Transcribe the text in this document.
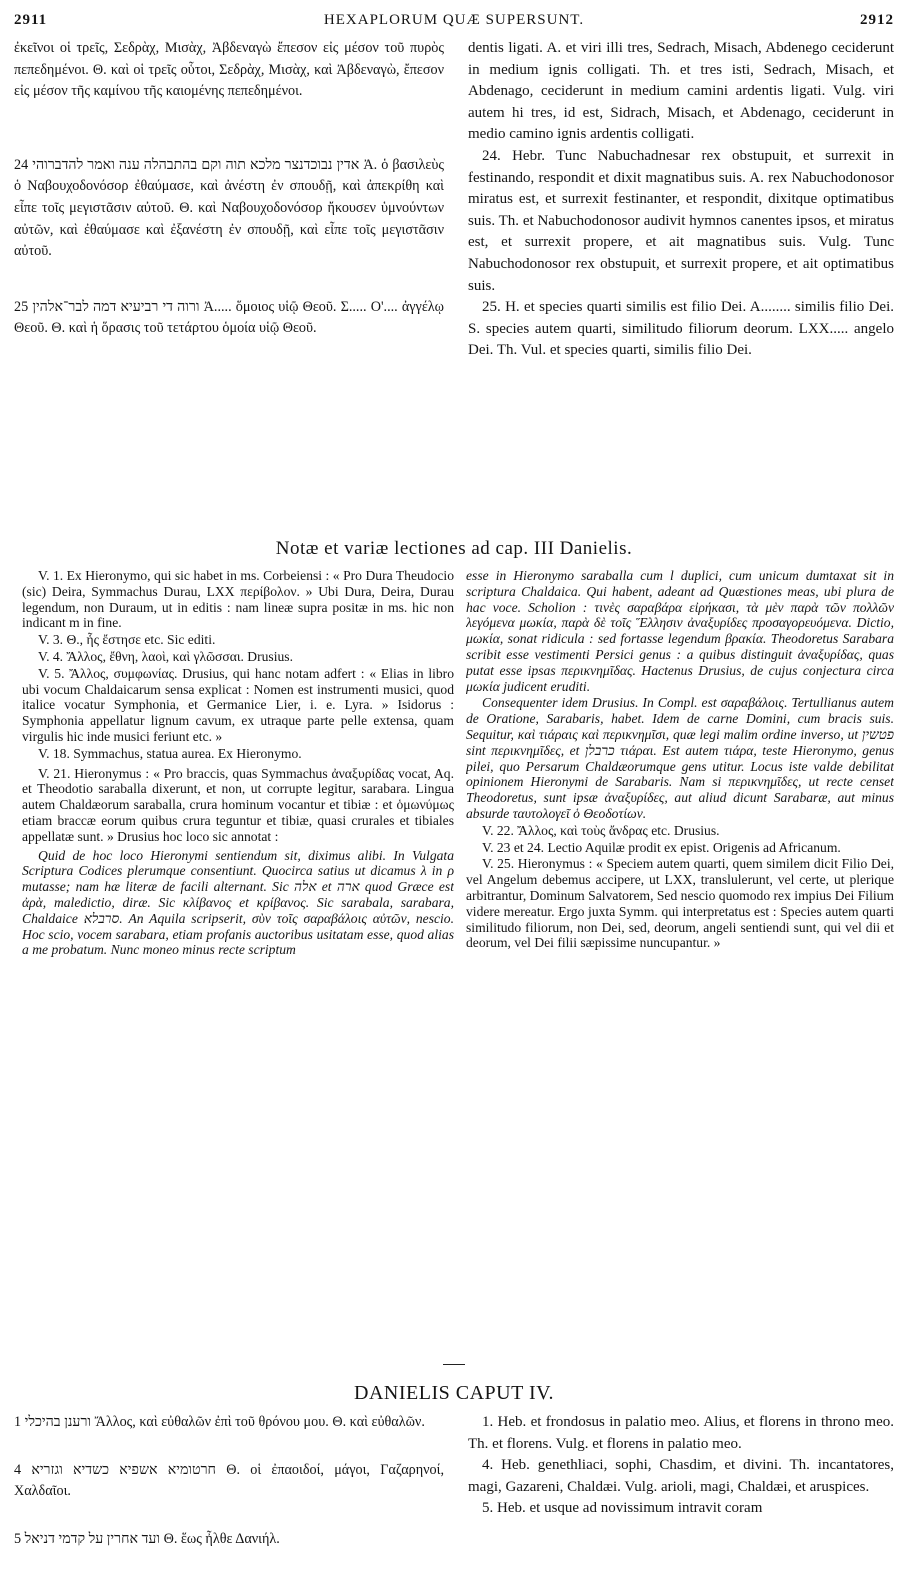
2911	HEXAPLORUM QUÆ SUPERSUNT.	2912

ἐκεῖνοι οἱ τρεῖς, Σεδρὰχ, Μισὰχ, Ἀβδεναγὼ ἔπεσον εἰς μέσον τοῦ πυρὸς πεπεδημένοι. Θ. καὶ οἱ τρεῖς οὗτοι, Σεδρὰχ, Μισὰχ, καὶ Ἀβδεναγὼ, ἔπεσον εἰς μέσον τῆς καμίνου τῆς καιομένης πεπεδημένοι.

24 אדין נבוכדנצר מלכא תוה וקם בהתבהלה ענה ואמר להדברוהי Ἀ. ὁ βασιλεὺς ὁ Ναβουχοδονόσορ ἐθαύμασε, καὶ ἀνέστη ἐν σπουδῇ, καὶ ἀπεκρίθη καὶ εἶπε τοῖς μεγιστᾶσιν αὐτοῦ. Θ. καὶ Ναβουχοδονόσορ ἤκουσεν ὑμνούντων αὐτῶν, καὶ ἐθαύμασε καὶ ἐξανέστη ἐν σπουδῇ, καὶ εἶπε τοῖς μεγιστᾶσιν αὐτοῦ.

25 ורוה די רביעיא דמה לבר־אלהין Ἀ..... ὅμοιος υἱῷ Θεοῦ. Σ..... Ο'.... ἀγγέλῳ Θεοῦ. Θ. καὶ ἡ ὅρασις τοῦ τετάρτου ὁμοία υἱῷ Θεοῦ.

dentis ligati. A. et viri illi tres, Sedrach, Misach, Abdenego ceciderunt in medium ignis colligati. Th. et tres isti, Sedrach, Misach, et Abdenago, ceciderunt in medium camini ardentis ligati. Vulg. viri autem hi tres, id est, Sidrach, Misach, et Abdenago, ceciderunt in medio camino ignis ardentis colligati.

24. Hebr. Tunc Nabuchadnesar rex obstupuit, et surrexit in festinando, respondit et dixit magnatibus suis. A. rex Nabuchodonosor miratus est, et surrexit festinanter, et respondit, dixitque optimatibus suis. Th. et Nabuchodonosor audivit hymnos canentes ipsos, et miratus est, et surrexit propere, et ait magnatibus suis. Vulg. Tunc Nabuchodonosor rex obstupuit, et surrexit propere, et ait optimatibus suis.

25. H. et species quarti similis est filio Dei. A........ similis filio Dei. S. species autem quarti, similitudo filiorum deorum. LXX..... angelo Dei. Th. Vul. et species quarti, similis filio Dei.

Notæ et variæ lectiones ad cap. III Danielis.

V. 1. Ex Hieronymo, qui sic habet in ms. Corbeiensi : « Pro Dura Theudocio (sic) Deira, Symmachus Durau, LXX περίβολον. » Ubi Dura, Deira, Durau legendum, non Duraum, ut in editis : nam lineæ supra positæ in ms. hic non indicant m in fine.

V. 3. Θ., ἧς ἔστησε etc. Sic editi.

V. 4. Ἄλλος, ἔθνη, λαοὶ, καὶ γλῶσσαι. Drusius.

V. 5. Ἄλλος, συμφωνίας. Drusius, qui hanc notam adfert : « Elias in libro ubi vocum Chaldaicarum sensa explicat : Nomen est instrumenti musici, quod italice vocatur Symphonia, et Germanice Lier, i. e. Lyra. » Isidorus : Symphonia appellatur lignum cavum, ex utraque parte pelle extensa, quam virgulis hic inde musici feriunt etc. »

V. 18. Symmachus, statua aurea. Ex Hieronymo.

V. 21. Hieronymus : « Pro braccis, quas Symmachus ἀναξυρίδας vocat, Aq. et Theodotio saraballa dixerunt, et non, ut corrupte legitur, sarabara. Lingua autem Chaldæorum saraballa, crura hominum vocantur et tibiæ : et ὁμωνύμως etiam braccæ eorum quibus crura teguntur et tibiæ, quasi crurales et tibiales appellatæ sunt. » Drusius hoc loco sic annotat :

Quid de hoc loco Hieronymi sentiendum sit, diximus alibi. In Vulgata Scriptura Codices plerumque consentiunt. Quocirca satius ut dicamus λ in ρ mutasse; nam hæ literæ de facili alternant. Sic אלה et ארה quod Græce est ἀρὰ, maledictio, diræ. Sic κλίβανος et κρίβανος. Sic sarabala, sarabara, Chaldaice סרבלא. An Aquila scripserit, σὺν τοῖς σαραβάλοις αὐτῶν, nescio. Hoc scio, vocem sarabara, etiam profanis auctoribus usitatam esse, quod alias a me probatum. Nunc moneo minus recte scriptum

esse in Hieronymo saraballa cum l duplici, cum unicum dumtaxat sit in scriptura Chaldaica. Qui habent, adeant ad Quæstiones meas, ubi plura de hac voce. Scholion : τινὲς σαραβάρα εἰρήκασι, τὰ μὲν παρὰ τῶν πολλῶν λεγόμενα μωκία, παρὰ δὲ τοῖς Ἕλλησιν ἀναξυρίδες προσαγορευόμενα. Dictio, μωκία, sonat ridicula : sed fortasse legendum βρακία. Theodoretus Sarabara scribit esse vestimenti Persici genus : a quibus distinguit ἀναξυρίδας, quas putat esse ipsas περικνημῖδας. Hactenus Drusius, de cujus conjectura circa μωκία judicent eruditi.

Consequenter idem Drusius. In Compl. est σαραβάλοις. Tertullianus autem de Oratione, Sarabaris, habet. Idem de carne Domini, cum bracis suis. Sequitur, καὶ τιάραις καὶ περικνημῖσι, quæ legi malim ordine inverso, ut פטשין sint περικνημῖδες, et כרבלן τιάραι. Est autem τιάρα, teste Hieronymo, genus pilei, quo Persarum Chaldæorumque gens utitur. Locus iste valde debilitat opinionem Hieronymi de Sarabaris. Nam si περικνημῖδες, ut recte censet Theodoretus, sunt ipsæ ἀναξυρίδες, aut aliud dicunt Sarabaræ, aut minus absurde ταυτολογεῖ ὁ Θεοδοτίων.

V. 22. Ἄλλος, καὶ τοὺς ἄνδρας etc. Drusius.

V. 23 et 24. Lectio Aquilæ prodit ex epist. Origenis ad Africanum.

V. 25. Hieronymus : « Speciem autem quarti, quem similem dicit Filio Dei, vel Angelum debemus accipere, ut LXX, translulerunt, vel certe, ut plerique arbitrantur, Dominum Salvatorem, Sed nescio quomodo rex impius Dei Filium videre mereatur. Ergo juxta Symm. qui interpretatus est : Species autem quarti similitudo filiorum, non Dei, sed, deorum, angeli sentiendi sunt, qui vel dii et deorum, vel Dei filii sæpissime nuncupantur. »

DANIELIS CAPUT IV.

1 ורענן בהיכלי Ἄλλος, καὶ εὐθαλῶν ἐπὶ τοῦ θρόνου μου. Θ. καὶ εὐθαλῶν.

4 חרטומיא אשפיא כשדיא וגזריא Θ. οἱ ἐπαοιδοί, μάγοι, Γαζαρηνοί, Χαλδαῖοι.

5 ועד אחרין על קדמי דניאל Θ. ἕως ἦλθε Δανιήλ.

1. Heb. et frondosus in palatio meo. Alius, et florens in throno meo. Th. et florens. Vulg. et florens in palatio meo.

4. Heb. genethliaci, sophi, Chasdim, et divini. Th. incantatores, magi, Gazareni, Chaldæi. Vulg. arioli, magi, Chaldæi, et aruspices.

5. Heb. et usque ad novissimum intravit coram
